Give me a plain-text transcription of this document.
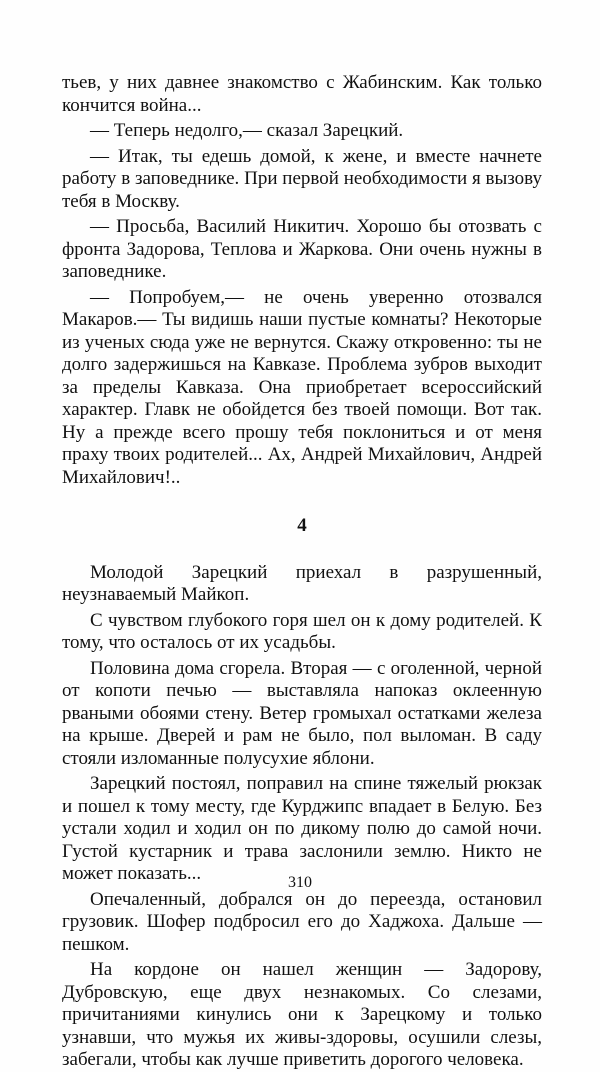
тьев, у них давнее знакомство с Жабинским. Как только кончится война...

— Теперь недолго,— сказал Зарецкий.

— Итак, ты едешь домой, к жене, и вместе начнете работу в заповеднике. При первой необходимости я вызову тебя в Москву.

— Просьба, Василий Никитич. Хорошо бы отозвать с фронта Задорова, Теплова и Жаркова. Они очень нужны в заповеднике.

— Попробуем,— не очень уверенно отозвался Макаров.— Ты видишь наши пустые комнаты? Некоторые из ученых сюда уже не вернутся. Скажу откровенно: ты не долго задержишься на Кавказе. Проблема зубров выходит за пределы Кавказа. Она приобретает всероссийский характер. Главк не обойдется без твоей помощи. Вот так. Ну а прежде всего прошу тебя поклониться и от меня праху твоих родителей... Ах, Андрей Михайлович, Андрей Михайлович!..

4

Молодой Зарецкий приехал в разрушенный, неузнаваемый Майкоп.

С чувством глубокого горя шел он к дому родителей. К тому, что осталось от их усадьбы.

Половина дома сгорела. Вторая — с оголенной, черной от копоти печью — выставляла напоказ оклеенную рваными обоями стену. Ветер громыхал остатками железа на крыше. Дверей и рам не было, пол выломан. В саду стояли изломанные полусухие яблони.

Зарецкий постоял, поправил на спине тяжелый рюкзак и пошел к тому месту, где Курджипс впадает в Белую. Без устали ходил и ходил он по дикому полю до самой ночи. Густой кустарник и трава заслонили землю. Никто не может показать...

Опечаленный, добрался он до переезда, остановил грузовик. Шофер подбросил его до Хаджоха. Дальше — пешком.

На кордоне он нашел женщин — Задорову, Дубровскую, еще двух незнакомых. Со слезами, причитаниями кинулись они к Зарецкому и только узнавши, что мужья их живы-здоровы, осушили слезы, забегали, чтобы как лучше приветить дорогого человека.

310
